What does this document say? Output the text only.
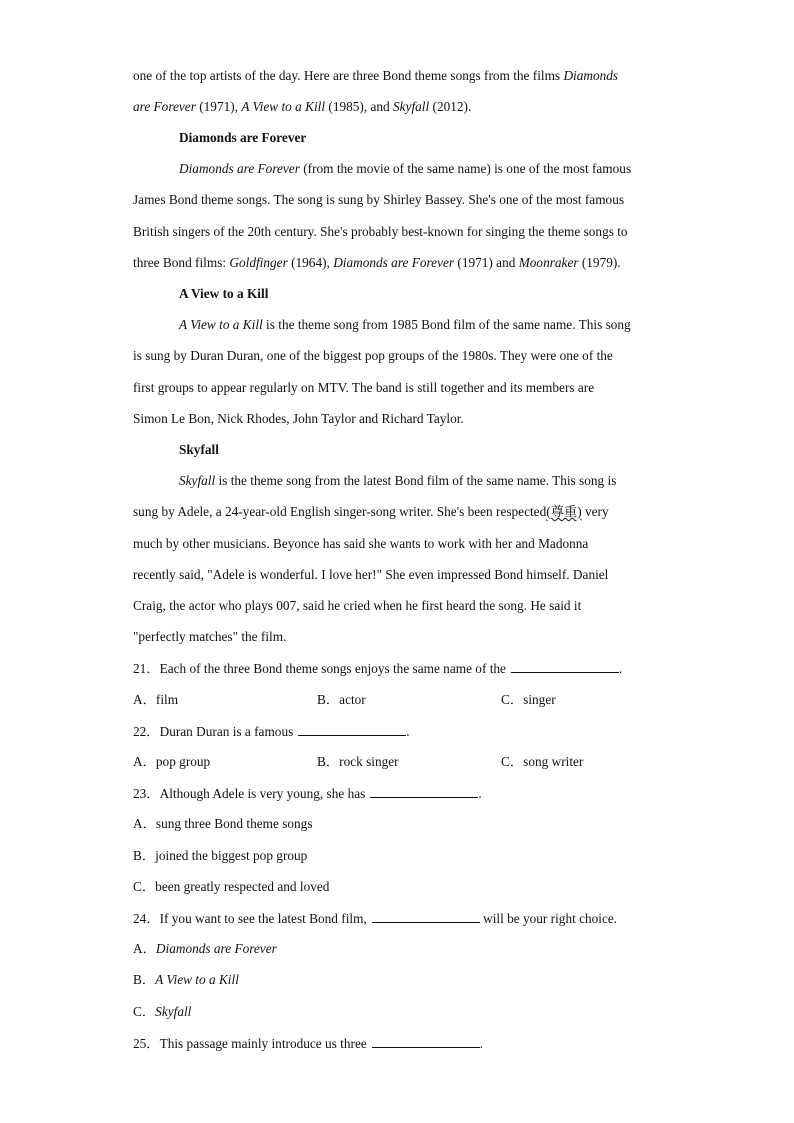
one of the top artists of the day. Here are three Bond theme songs from the films Diamonds
are Forever (1971), A View to a Kill (1985), and Skyfall (2012).
Diamonds are Forever
Diamonds are Forever (from the movie of the same name) is one of the most famous
James Bond theme songs. The song is sung by Shirley Bassey. She's one of the most famous
British singers of the 20th century. She's probably best-known for singing the theme songs to
three Bond films: Goldfinger (1964), Diamonds are Forever (1971) and Moonraker (1979).
A View to a Kill
A View to a Kill is the theme song from 1985 Bond film of the same name. This song
is sung by Duran Duran, one of the biggest pop groups of the 1980s. They were one of the
first groups to appear regularly on MTV. The band is still together and its members are
Simon Le Bon, Nick Rhodes, John Taylor and Richard Taylor.
Skyfall
Skyfall is the theme song from the latest Bond film of the same name. This song is
sung by Adele, a 24-year-old English singer-song writer. She's been respected(尊重) very
much by other musicians. Beyonce has said she wants to work with her and Madonna
recently said, "Adele is wonderful. I love her!" She even impressed Bond himself. Daniel
Craig, the actor who plays 007, said he cried when he first heard the song. He said it
"perfectly matches" the film.
21．Each of the three Bond theme songs enjoys the same name of the	.
A．film	B．actor	C．singer
22．Duran Duran is a famous	.
A．pop group	B．rock singer	C．song writer
23．Although Adele is very young, she has	.
A．sung three Bond theme songs
B．joined the biggest pop group
C．been greatly respected and loved
24．If you want to see the latest Bond film,	will be your right choice.
A．Diamonds are Forever
B．A View to a Kill
C．Skyfall
25．This passage mainly introduce us three	.
